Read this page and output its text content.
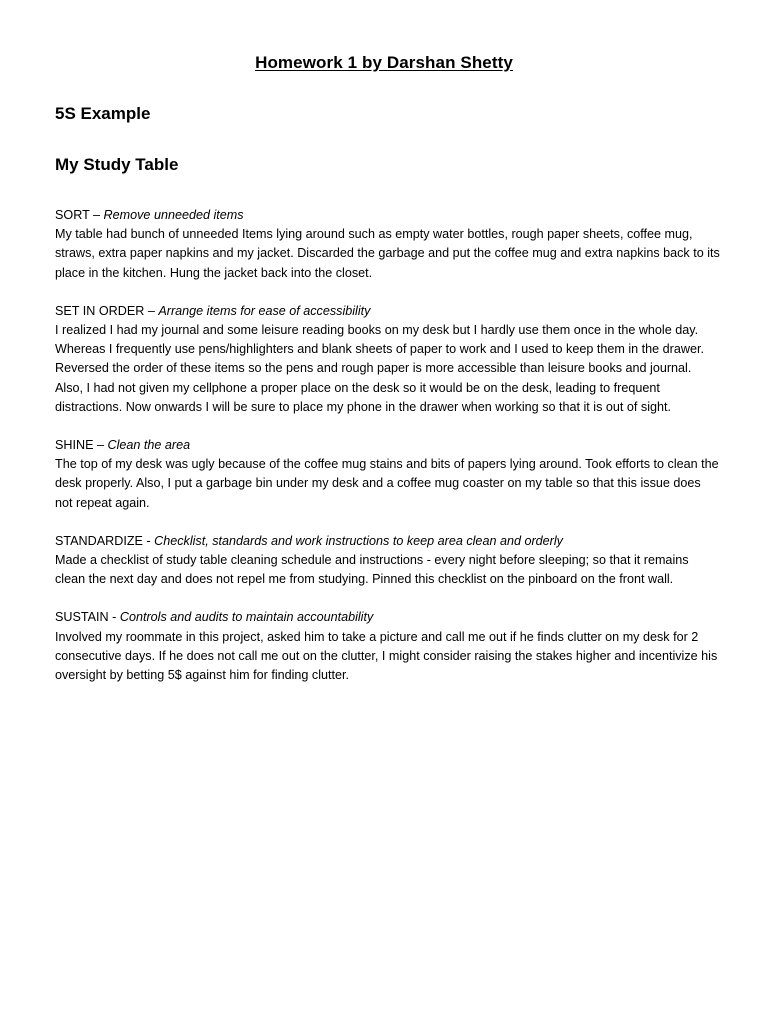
Homework 1 by Darshan Shetty
5S Example
My Study Table
SORT – Remove unneeded items
My table had bunch of unneeded Items lying around such as empty water bottles, rough paper sheets, coffee mug, straws, extra paper napkins and my jacket. Discarded the garbage and put the coffee mug and extra napkins back to its place in the kitchen. Hung the jacket back into the closet.
SET IN ORDER – Arrange items for ease of accessibility
I realized I had my journal and some leisure reading books on my desk but I hardly use them once in the whole day. Whereas I frequently use pens/highlighters and blank sheets of paper to work and I used to keep them in the drawer. Reversed the order of these items so the pens and rough paper is more accessible than leisure books and journal. Also, I had not given my cellphone a proper place on the desk so it would be on the desk, leading to frequent distractions. Now onwards I will be sure to place my phone in the drawer when working so that it is out of sight.
SHINE – Clean the area
The top of my desk was ugly because of the coffee mug stains and bits of papers lying around. Took efforts to clean the desk properly. Also, I put a garbage bin under my desk and a coffee mug coaster on my table so that this issue does not repeat again.
STANDARDIZE - Checklist, standards and work instructions to keep area clean and orderly
Made a checklist of study table cleaning schedule and instructions - every night before sleeping; so that it remains clean the next day and does not repel me from studying. Pinned this checklist on the pinboard on the front wall.
SUSTAIN - Controls and audits to maintain accountability
Involved my roommate in this project, asked him to take a picture and call me out if he finds clutter on my desk for 2 consecutive days. If he does not call me out on the clutter, I might consider raising the stakes higher and incentivize his oversight by betting 5$ against him for finding clutter.
